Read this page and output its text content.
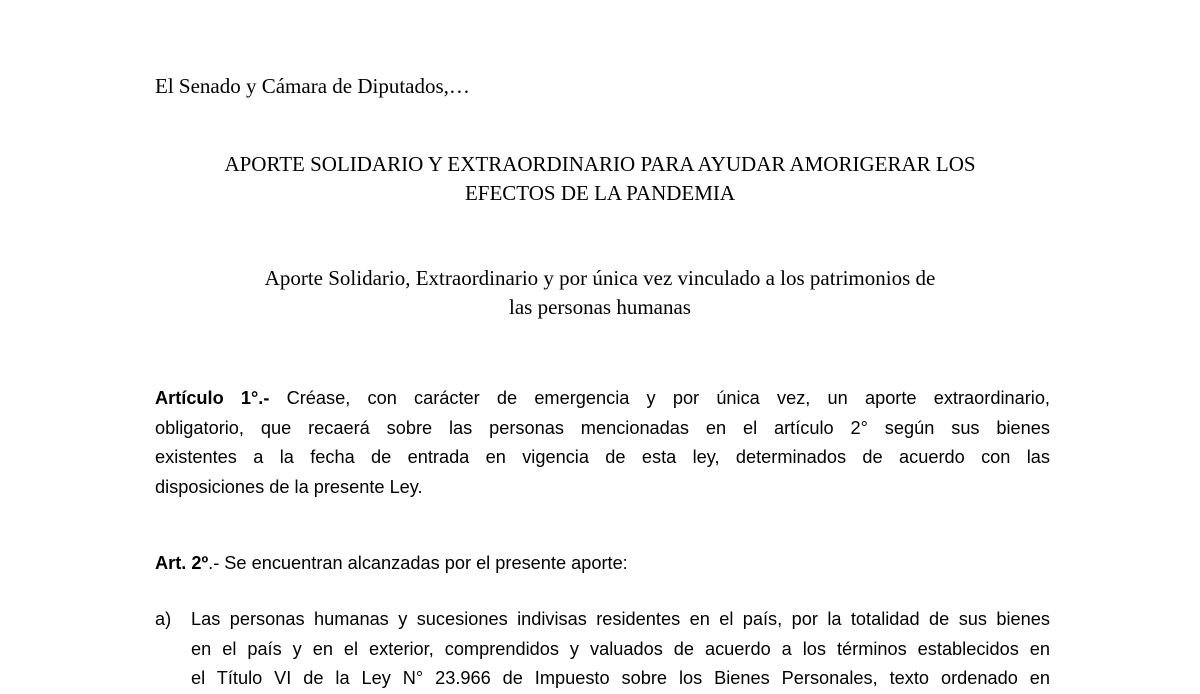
El Senado y Cámara de Diputados,…
APORTE SOLIDARIO Y EXTRAORDINARIO PARA AYUDAR AMORIGERAR LOS
EFECTOS DE LA PANDEMIA
Aporte Solidario, Extraordinario y por única vez vinculado a los patrimonios de
las personas humanas
Artículo 1°.- Créase, con carácter de emergencia y por única vez, un aporte extraordinario,
obligatorio, que recaerá sobre las personas mencionadas en el artículo 2° según sus bienes
existentes a la fecha de entrada en vigencia de esta ley, determinados de acuerdo con las
disposiciones de la presente Ley.
Art. 2º.- Se encuentran alcanzadas por el presente aporte:
a) Las personas humanas y sucesiones indivisas residentes en el país, por la totalidad de sus bienes
en el país y en el exterior, comprendidos y valuados de acuerdo a los términos establecidos en
el Título VI de la Ley N° 23.966 de Impuesto sobre los Bienes Personales, texto ordenado en
